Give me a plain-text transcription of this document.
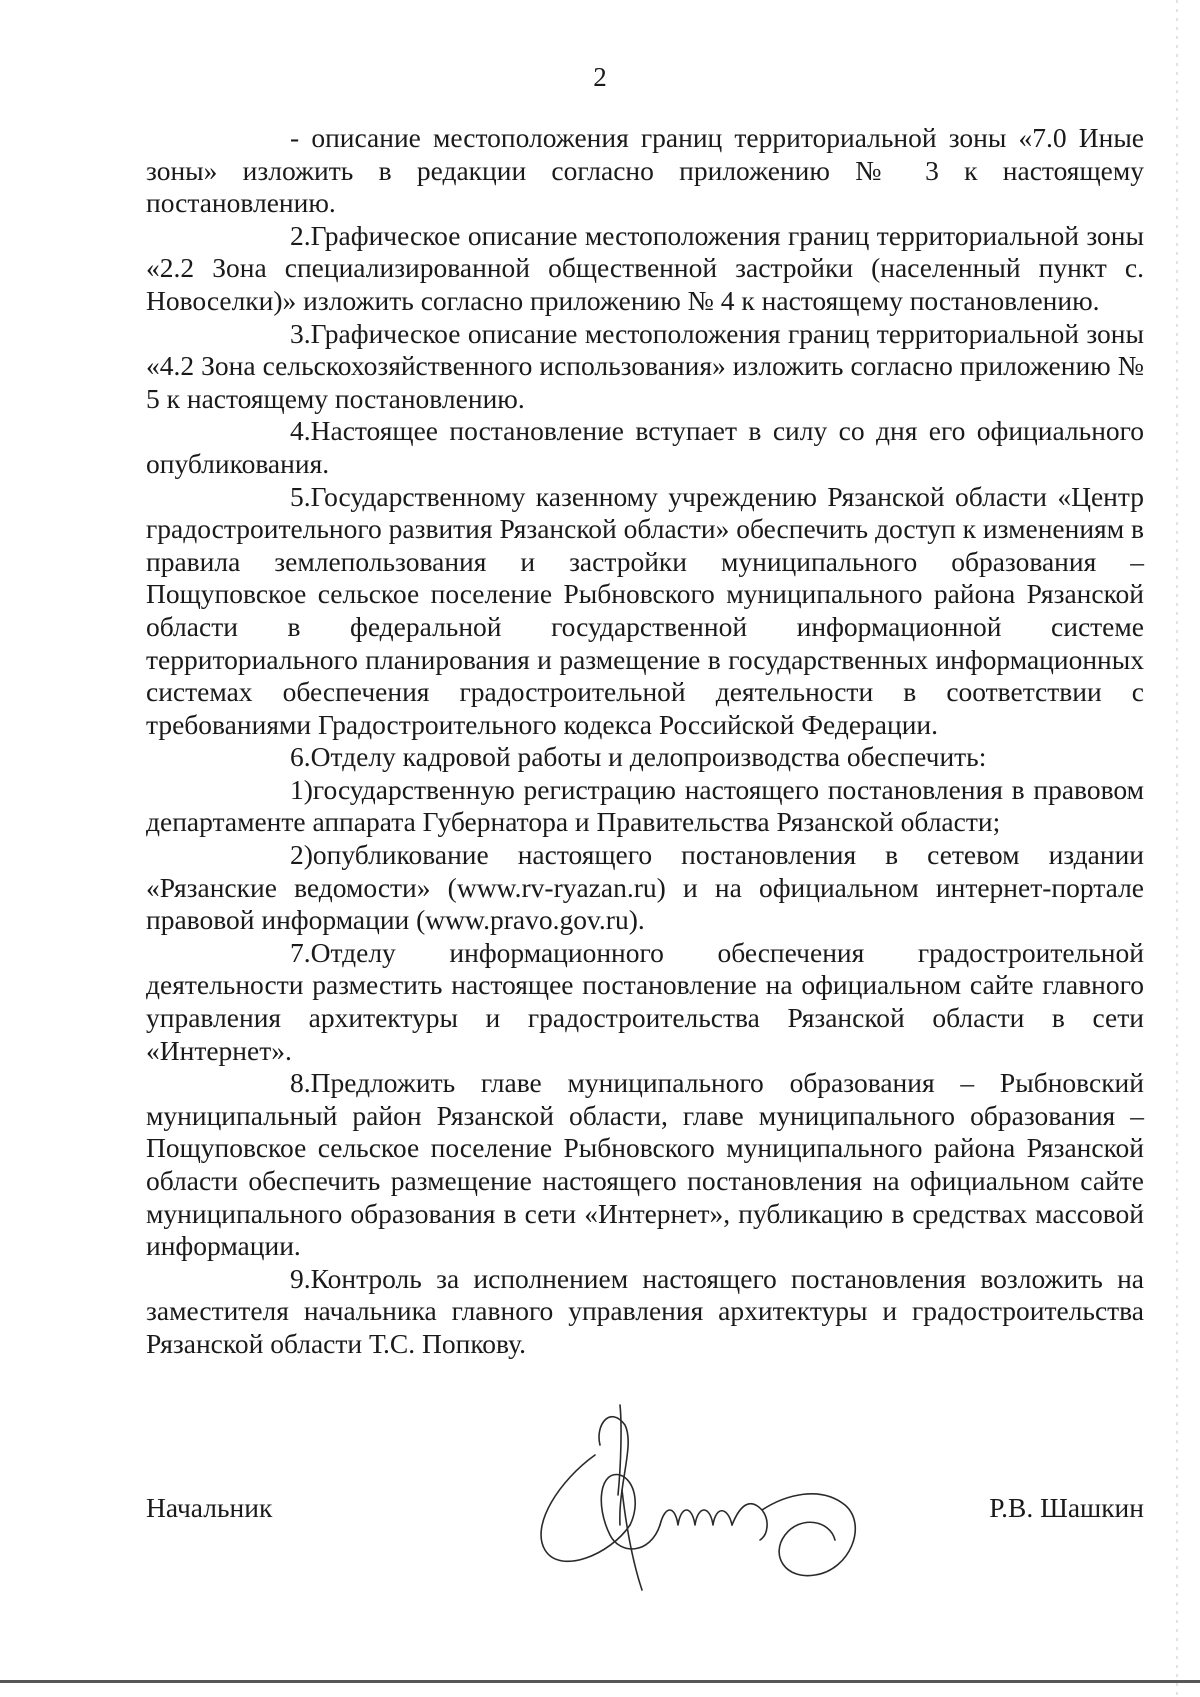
2

- описание местоположения границ территориальной зоны «7.0 Иные зоны» изложить в редакции согласно приложению № 3 к настоящему постановлению.

2.Графическое описание местоположения границ территориальной зоны «2.2 Зона специализированной общественной застройки (населенный пункт с. Новоселки)» изложить согласно приложению № 4 к настоящему постановлению.

3.Графическое описание местоположения границ территориальной зоны «4.2 Зона сельскохозяйственного использования» изложить согласно приложению № 5 к настоящему постановлению.

4.Настоящее постановление вступает в силу со дня его официального опубликования.

5.Государственному казенному учреждению Рязанской области «Центр градостроительного развития Рязанской области» обеспечить доступ к изменениям в правила землепользования и застройки муниципального образования – Пощуповское сельское поселение Рыбновского муниципального района Рязанской области в федеральной государственной информационной системе территориального планирования и размещение в государственных информационных системах обеспечения градостроительной деятельности в соответствии с требованиями Градостроительного кодекса Российской Федерации.

6.Отделу кадровой работы и делопроизводства обеспечить:

1)государственную регистрацию настоящего постановления в правовом департаменте аппарата Губернатора и Правительства Рязанской области;

2)опубликование настоящего постановления в сетевом издании «Рязанские ведомости» (www.rv-ryazan.ru) и на официальном интернет-портале правовой информации (www.pravo.gov.ru).

7.Отделу информационного обеспечения градостроительной деятельности разместить настоящее постановление на официальном сайте главного управления архитектуры и градостроительства Рязанской области в сети «Интернет».

8.Предложить главе муниципального образования – Рыбновский муниципальный район Рязанской области, главе муниципального образования – Пощуповское сельское поселение Рыбновского муниципального района Рязанской области обеспечить размещение настоящего постановления на официальном сайте муниципального образования в сети «Интернет», публикацию в средствах массовой информации.

9.Контроль за исполнением настоящего постановления возложить на заместителя начальника главного управления архитектуры и градостроительства Рязанской области Т.С. Попкову.

Начальник	Р.В. Шашкин
